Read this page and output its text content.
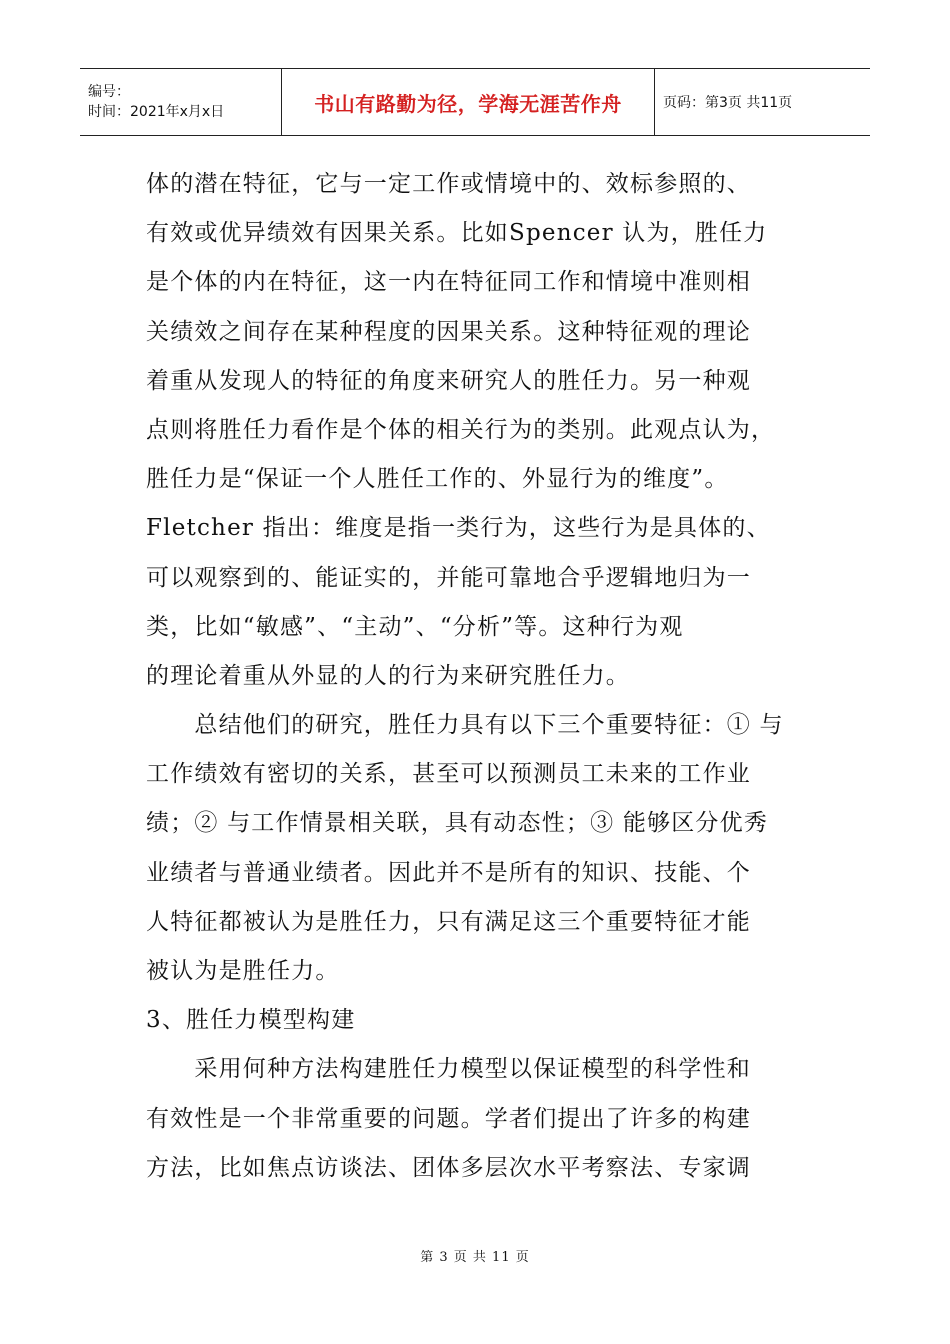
编号：
时间：2021年x月x日	书山有路勤为径，学海无涯苦作舟	页码：第3页 共11页
体的潜在特征，它与一定工作或情境中的、效标参照的、
有效或优异绩效有因果关系。比如Spencer 认为，胜任力
是个体的内在特征，这一内在特征同工作和情境中准则相
关绩效之间存在某种程度的因果关系。这种特征观的理论
着重从发现人的特征的角度来研究人的胜任力。另一种观
点则将胜任力看作是个体的相关行为的类别。此观点认为，
胜任力是“保证一个人胜任工作的、外显行为的维度”。
Fletcher 指出：维度是指一类行为，这些行为是具体的、
可以观察到的、能证实的，并能可靠地合乎逻辑地归为一
类，比如“敏感”、“主动”、“分析”等。这种行为观
的理论着重从外显的人的行为来研究胜任力。
　　总结他们的研究，胜任力具有以下三个重要特征：① 与
工作绩效有密切的关系，甚至可以预测员工未来的工作业
绩；② 与工作情景相关联，具有动态性；③ 能够区分优秀
业绩者与普通业绩者。因此并不是所有的知识、技能、个
人特征都被认为是胜任力，只有满足这三个重要特征才能
被认为是胜任力。
3、胜任力模型构建
　　采用何种方法构建胜任力模型以保证模型的科学性和
有效性是一个非常重要的问题。学者们提出了许多的构建
方法，比如焦点访谈法、团体多层次水平考察法、专家调
第 3 页 共 11 页
